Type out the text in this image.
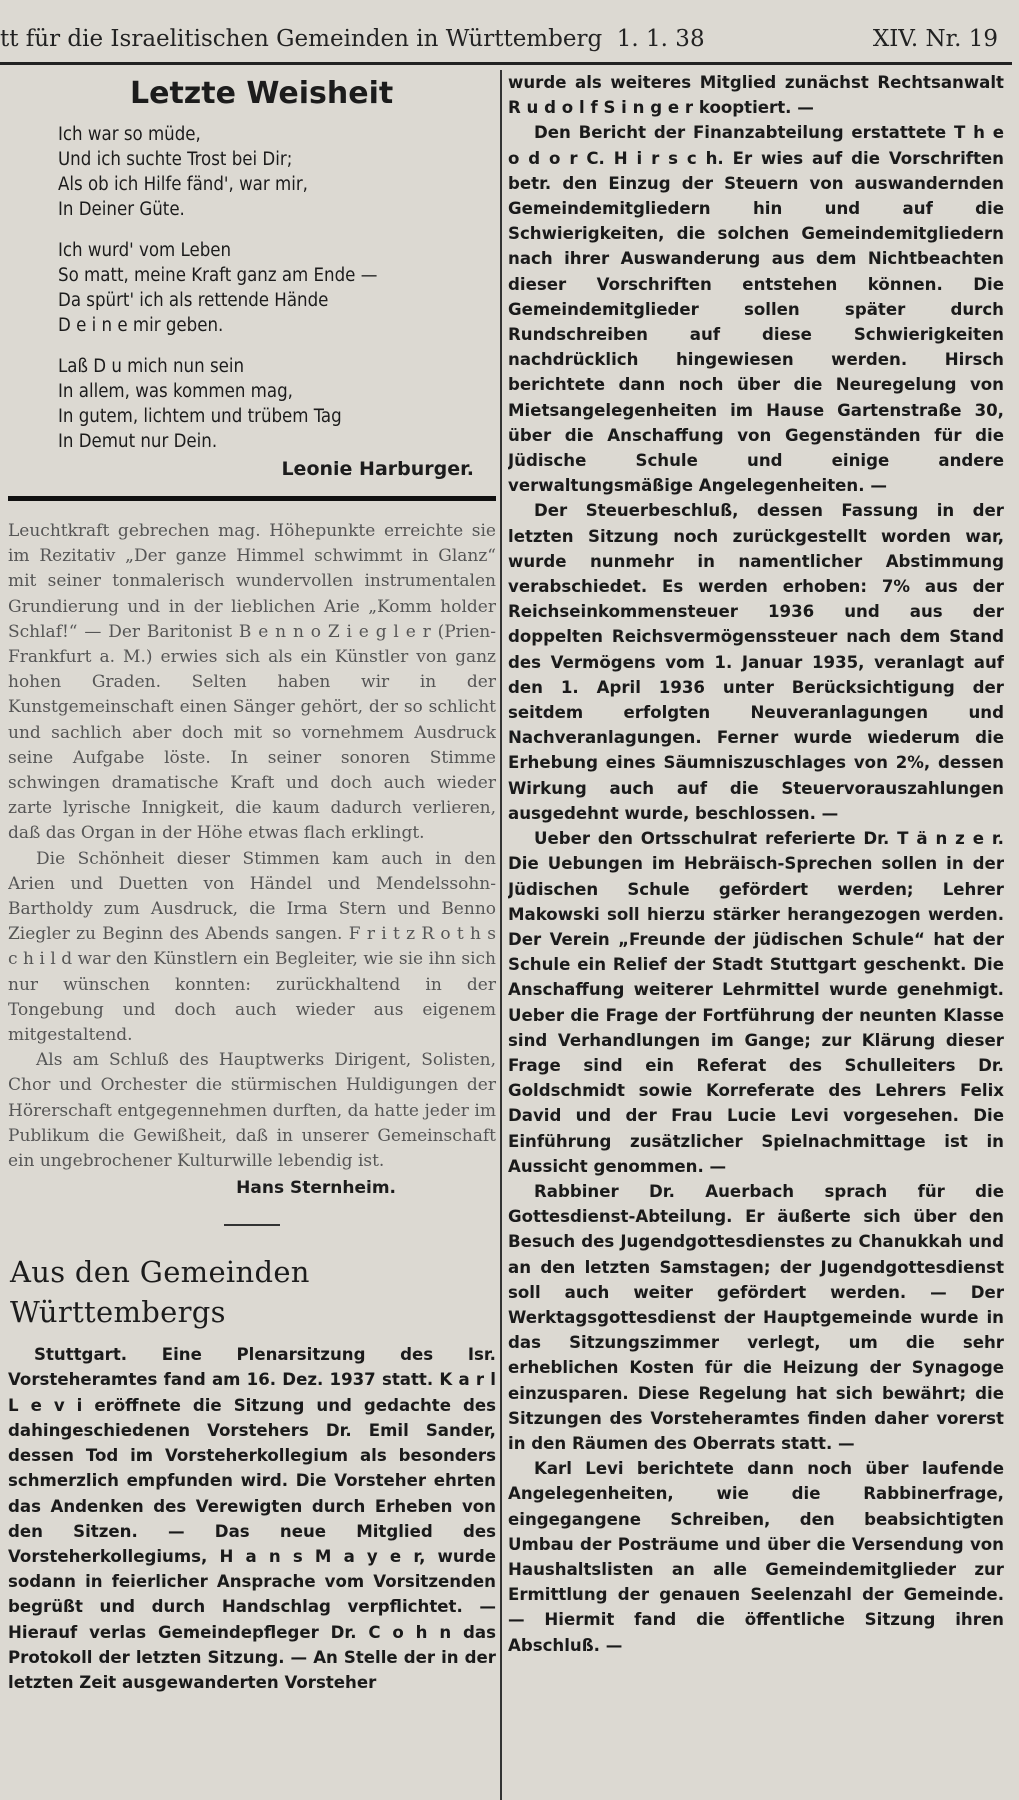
tt für die Israelitischen Gemeinden in Württemberg 1. 1. 38	XIV. Nr. 19
Letzte Weisheit
Ich war so müde,
Und ich suchte Trost bei Dir;
Als ob ich Hilfe fänd', war mir,
In Deiner Güte.
Ich wurd' vom Leben
So matt, meine Kraft ganz am Ende —
Da spürt' ich als rettende Hände
D e i n e mir geben.
Laß D u mich nun sein
In allem, was kommen mag,
In gutem, lichtem und trübem Tag
In Demut nur Dein.
Leonie Harburger.

Leuchtkraft gebrechen mag. Höhepunkte erreichte sie im Rezitativ „Der ganze Himmel schwimmt in Glanz“ mit seiner tonmalerisch wundervollen instrumentalen Grundierung und in der lieblichen Arie „Komm holder Schlaf!“ — Der Baritonist B e n n o Z i e g l e r (Prien-Frankfurt a. M.) erwies sich als ein Künstler von ganz hohen Graden. Selten haben wir in der Kunstgemeinschaft einen Sänger gehört, der so schlicht und sachlich aber doch mit so vornehmem Ausdruck seine Aufgabe löste. In seiner sonoren Stimme schwingen dramatische Kraft und doch auch wieder zarte lyrische Innigkeit, die kaum dadurch verlieren, daß das Organ in der Höhe etwas flach erklingt.

Die Schönheit dieser Stimmen kam auch in den Arien und Duetten von Händel und Mendelssohn-Bartholdy zum Ausdruck, die Irma Stern und Benno Ziegler zu Beginn des Abends sangen. F r i t z R o t h s c h i l d war den Künstlern ein Begleiter, wie sie ihn sich nur wünschen konnten: zurückhaltend in der Tongebung und doch auch wieder aus eigenem mitgestaltend.

Als am Schluß des Hauptwerks Dirigent, Solisten, Chor und Orchester die stürmischen Huldigungen der Hörerschaft entgegennehmen durften, da hatte jeder im Publikum die Gewißheit, daß in unserer Gemeinschaft ein ungebrochener Kulturwille lebendig ist.

Hans Sternheim.
Aus den Gemeinden Württembergs

Stuttgart. Eine Plenarsitzung des Isr. Vorsteheramtes fand am 16. Dez. 1937 statt. K a r l L e v i eröffnete die Sitzung und gedachte des dahingeschiedenen Vorstehers Dr. Emil Sander, dessen Tod im Vorsteherkollegium als besonders schmerzlich empfunden wird. Die Vorsteher ehrten das Andenken des Verewigten durch Erheben von den Sitzen. — Das neue Mitglied des Vorsteherkollegiums, H a n s M a y e r, wurde sodann in feierlicher Ansprache vom Vorsitzenden begrüßt und durch Handschlag verpflichtet. — Hierauf verlas Gemeindepfleger Dr. C o h n das Protokoll der letzten Sitzung. — An Stelle der in der letzten Zeit ausgewanderten Vorsteher

wurde als weiteres Mitglied zunächst Rechtsanwalt R u d o l f S i n g e r kooptiert. —

Den Bericht der Finanzabteilung erstattete T h e o d o r C. H i r s c h. Er wies auf die Vorschriften betr. den Einzug der Steuern von auswandernden Gemeindemitgliedern hin und auf die Schwierigkeiten, die solchen Gemeindemitgliedern nach ihrer Auswanderung aus dem Nichtbeachten dieser Vorschriften entstehen können. Die Gemeindemitglieder sollen später durch Rundschreiben auf diese Schwierigkeiten nachdrücklich hingewiesen werden. Hirsch berichtete dann noch über die Neuregelung von Mietsangelegenheiten im Hause Gartenstraße 30, über die Anschaffung von Gegenständen für die Jüdische Schule und einige andere verwaltungsmäßige Angelegenheiten. —

Der Steuerbeschluß, dessen Fassung in der letzten Sitzung noch zurückgestellt worden war, wurde nunmehr in namentlicher Abstimmung verabschiedet. Es werden erhoben: 7% aus der Reichseinkommensteuer 1936 und aus der doppelten Reichsvermögenssteuer nach dem Stand des Vermögens vom 1. Januar 1935, veranlagt auf den 1. April 1936 unter Berücksichtigung der seitdem erfolgten Neuveranlagungen und Nachveranlagungen. Ferner wurde wiederum die Erhebung eines Säumniszuschlages von 2%, dessen Wirkung auch auf die Steuervorauszahlungen ausgedehnt wurde, beschlossen. —

Ueber den Ortsschulrat referierte Dr. T ä n z e r. Die Uebungen im Hebräisch-Sprechen sollen in der Jüdischen Schule gefördert werden; Lehrer Makowski soll hierzu stärker herangezogen werden. Der Verein „Freunde der jüdischen Schule“ hat der Schule ein Relief der Stadt Stuttgart geschenkt. Die Anschaffung weiterer Lehrmittel wurde genehmigt. Ueber die Frage der Fortführung der neunten Klasse sind Verhandlungen im Gange; zur Klärung dieser Frage sind ein Referat des Schulleiters Dr. Goldschmidt sowie Korreferate des Lehrers Felix David und der Frau Lucie Levi vorgesehen. Die Einführung zusätzlicher Spielnachmittage ist in Aussicht genommen. —

Rabbiner Dr. Auerbach sprach für die Gottesdienst-Abteilung. Er äußerte sich über den Besuch des Jugendgottesdienstes zu Chanukkah und an den letzten Samstagen; der Jugendgottesdienst soll auch weiter gefördert werden. — Der Werktagsgottesdienst der Hauptgemeinde wurde in das Sitzungszimmer verlegt, um die sehr erheblichen Kosten für die Heizung der Synagoge einzusparen. Diese Regelung hat sich bewährt; die Sitzungen des Vorsteheramtes finden daher vorerst in den Räumen des Oberrats statt. —

Karl Levi berichtete dann noch über laufende Angelegenheiten, wie die Rabbinerfrage, eingegangene Schreiben, den beabsichtigten Umbau der Posträume und über die Versendung von Haushaltslisten an alle Gemeindemitglieder zur Ermittlung der genauen Seelenzahl der Gemeinde. — Hiermit fand die öffentliche Sitzung ihren Abschluß. —
